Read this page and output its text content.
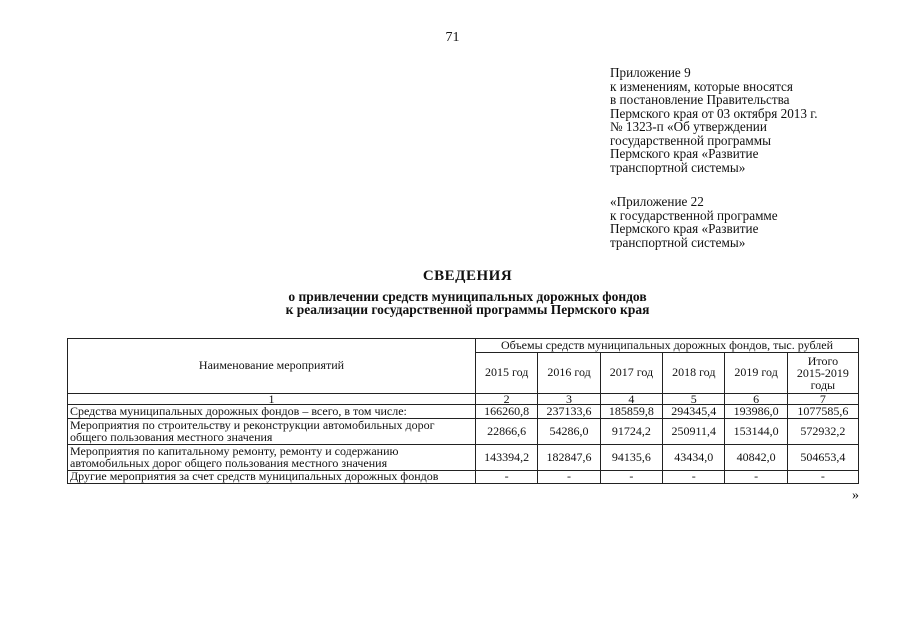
71
Приложение 9
к изменениям, которые вносятся
в постановление Правительства
Пермского края от 03 октября 2013 г.
№ 1323-п «Об утверждении
государственной программы
Пермского края «Развитие
транспортной системы»
«Приложение 22
к государственной программе
Пермского края «Развитие
транспортной системы»
СВЕДЕНИЯ
о привлечении средств муниципальных дорожных фондов
к реализации государственной программы Пермского края
Наименование мероприятий	Объемы средств муниципальных дорожных фондов, тыс. рублей					
	2015 год	2016 год	2017 год	2018 год	2019 год	Итого
2015-2019
годы
1	2	3	4	5	6	7
Средства муниципальных дорожных фондов – всего, в том числе:	166260,8	237133,6	185859,8	294345,4	193986,0	1077585,6
Мероприятия по строительству и реконструкции автомобильных дорог общего пользования местного значения	22866,6	54286,0	91724,2	250911,4	153144,0	572932,2
Мероприятия по капитальному ремонту, ремонту и содержанию автомобильных дорог общего пользования местного значения	143394,2	182847,6	94135,6	43434,0	40842,0	504653,4
Другие мероприятия за счет средств муниципальных дорожных фондов	-	-	-	-	-	-
»
